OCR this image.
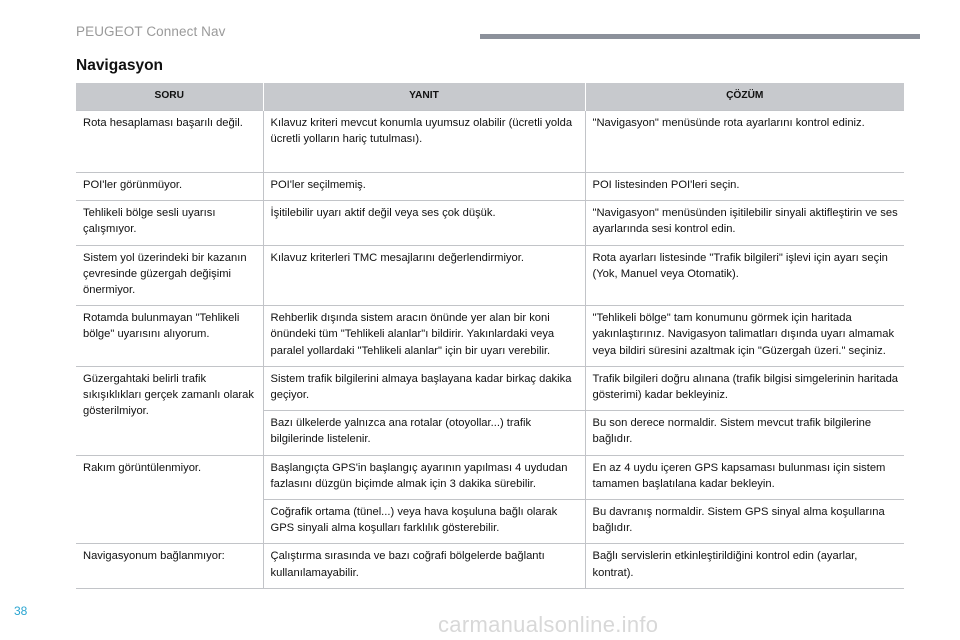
PEUGEOT Connect Nav
Navigasyon
SORU	YANIT	ÇÖZÜM
Rota hesaplaması başarılı değil.	Kılavuz kriteri mevcut konumla uyumsuz olabilir (ücretli yolda ücretli yolların hariç tutulması).	"Navigasyon" menüsünde rota ayarlarını kontrol ediniz.
POI'ler görünmüyor.	POI'ler seçilmemiş.	POI listesinden POI'leri seçin.
Tehlikeli bölge sesli uyarısı çalışmıyor.	İşitilebilir uyarı aktif değil veya ses çok düşük.	"Navigasyon" menüsünden işitilebilir sinyali aktifleştirin ve ses ayarlarında sesi kontrol edin.
Sistem yol üzerindeki bir kazanın çevresinde güzergah değişimi önermiyor.	Kılavuz kriterleri TMC mesajlarını değerlendirmiyor.	Rota ayarları listesinde "Trafik bilgileri" işlevi için ayarı seçin (Yok, Manuel veya Otomatik).
Rotamda bulunmayan "Tehlikeli bölge" uyarısını alıyorum.	Rehberlik dışında sistem aracın önünde yer alan bir koni önündeki tüm "Tehlikeli alanlar"ı bildirir. Yakınlardaki veya paralel yollardaki "Tehlikeli alanlar" için bir uyarı verebilir.	"Tehlikeli bölge" tam konumunu görmek için haritada yakınlaştırınız. Navigasyon talimatları dışında uyarı almamak veya bildiri süresini azaltmak için "Güzergah üzeri." seçiniz.
Güzergahtaki belirli trafik sıkışıklıkları gerçek zamanlı olarak gösterilmiyor.	Sistem trafik bilgilerini almaya başlayana kadar birkaç dakika geçiyor.	Trafik bilgileri doğru alınana (trafik bilgisi simgelerinin haritada gösterimi) kadar bekleyiniz.
	Bazı ülkelerde yalnızca ana rotalar (otoyollar...) trafik bilgilerinde listelenir.	Bu son derece normaldir. Sistem mevcut trafik bilgilerine bağlıdır.
Rakım görüntülenmiyor.	Başlangıçta GPS'in başlangıç ayarının yapılması 4 uydudan fazlasını düzgün biçimde almak için 3 dakika sürebilir.	En az 4 uydu içeren GPS kapsaması bulunması için sistem tamamen başlatılana kadar bekleyin.
	Coğrafik ortama (tünel...) veya hava koşuluna bağlı olarak GPS sinyali alma koşulları farklılık gösterebilir.	Bu davranış normaldir. Sistem GPS sinyal alma koşullarına bağlıdır.
Navigasyonum bağlanmıyor:	Çalıştırma sırasında ve bazı coğrafi bölgelerde bağlantı kullanılamayabilir.	Bağlı servislerin etkinleştirildiğini kontrol edin (ayarlar, kontrat).
38
carmanualsonline.info
